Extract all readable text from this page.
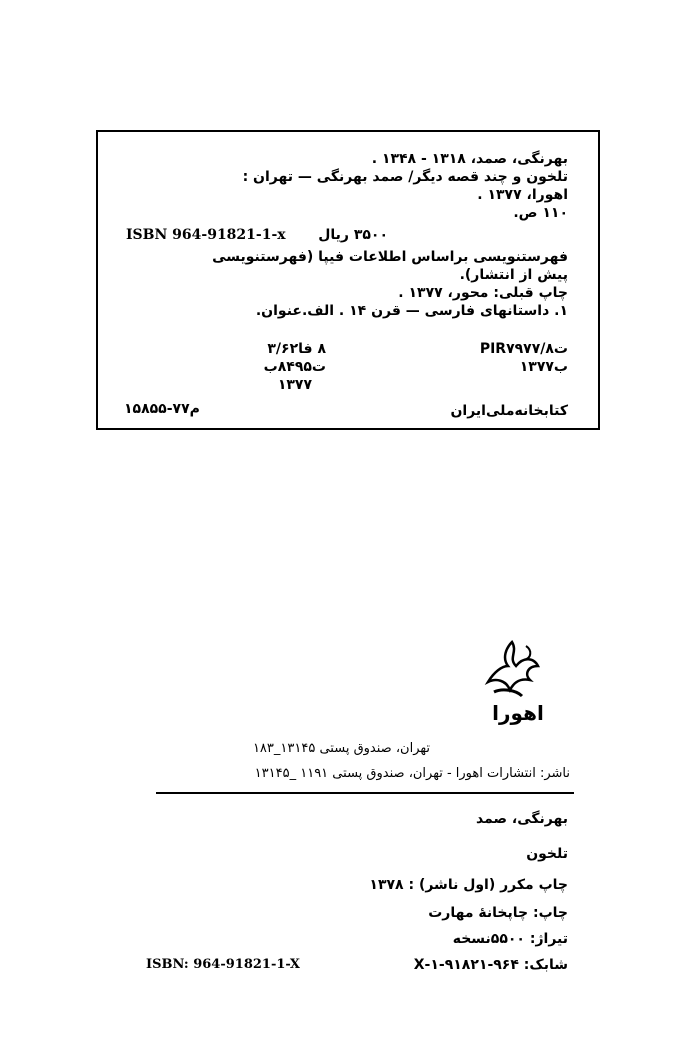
بهرنگی، صمد، ۱۳۱۸ - ۱۳۴۸ .
تلخون و چند قصه دیگر/ صمد بهرنگی — تهران :
اهورا، ۱۳۷۷ .
۱۱۰ ص.
۳۵۰۰ ریال
ISBN 964-91821-1-x
فهرستنویسی براساس اطلاعات فیپا (فهرستنویسی
پیش از انتشار).
چاپ قبلی: محور، ۱۳۷۷ .
۱. داستانهای فارسی — قرن ۱۴ . الف.عنوان.
PIR۷۹۷۷/ت۸
ب۱۳۷۷
۸ فا۳/۶۲
ت۸۴۹۵ب
۱۳۷۷
کتابخانه‌ملی‌ایران
م۷۷-۱۵۸۵۵
اهورا
تهران، صندوق پستی ۱۳۱۴۵_۱۸۳
ناشر: انتشارات اهورا - تهران، صندوق پستی ۱۱۹۱ _۱۳۱۴۵
بهرنگی، صمد
تلخون
چاپ مکرر (اول ناشر) : ۱۳۷۸
چاپ: چاپخانهٔ مهارت
تیراژ: ۵۵۰۰نسخه
شابک: ۹۶۴-۹۱۸۲۱-۱-X
ISBN: 964-91821-1-X
